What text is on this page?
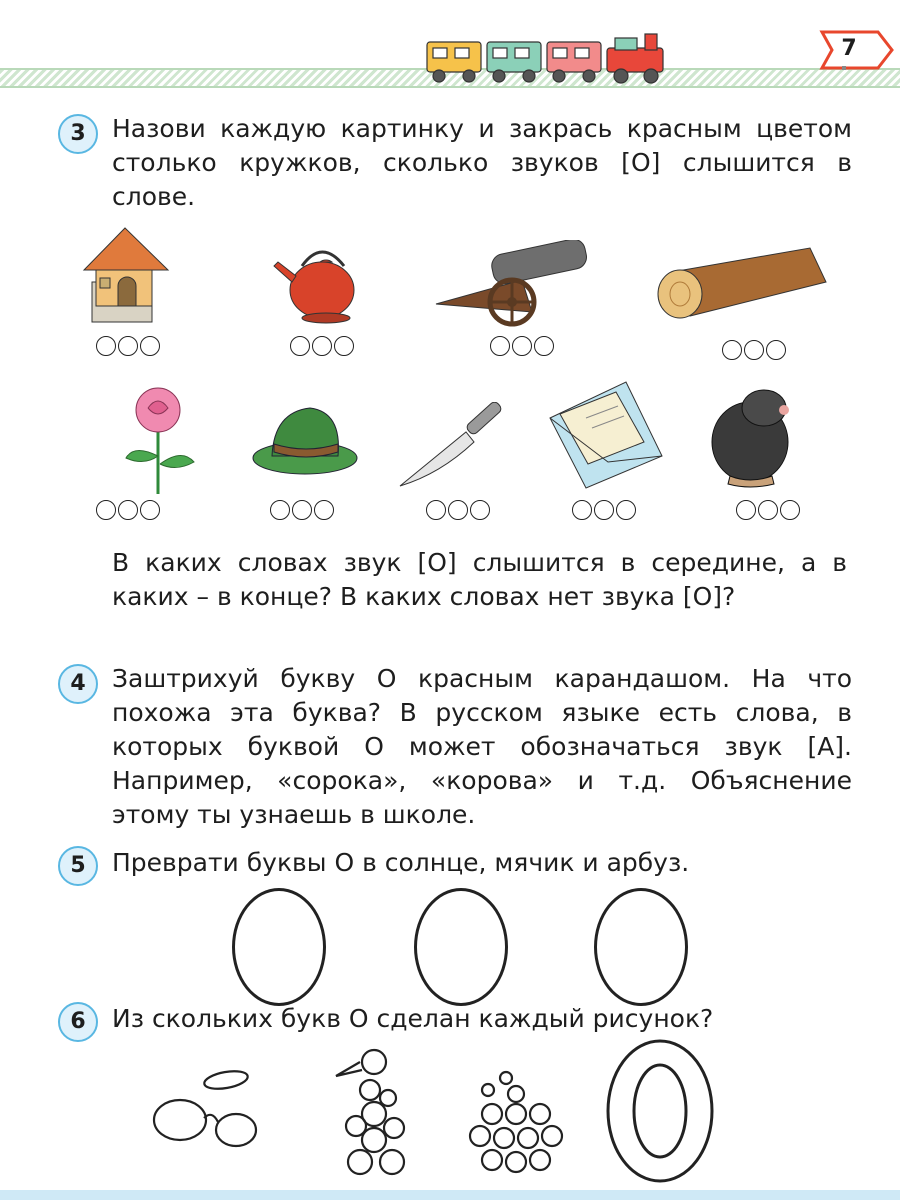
7
3	Назови каждую картинку и закрась красным цветом столько кружков, сколько звуков [О] слышится в слове.
В каких словах звук [О] слышится в середине, а в каких – в конце? В каких словах нет звука [О]?
4	Заштрихуй букву О красным карандашом. На что похожа эта буква? В русском языке есть слова, в которых буквой О может обозначаться звук [А]. Например, «сорока», «корова» и т.д. Объяснение этому ты узнаешь в школе.
5	Преврати буквы О в солнце, мячик и арбуз.
6	Из скольких букв О сделан каждый рисунок?
